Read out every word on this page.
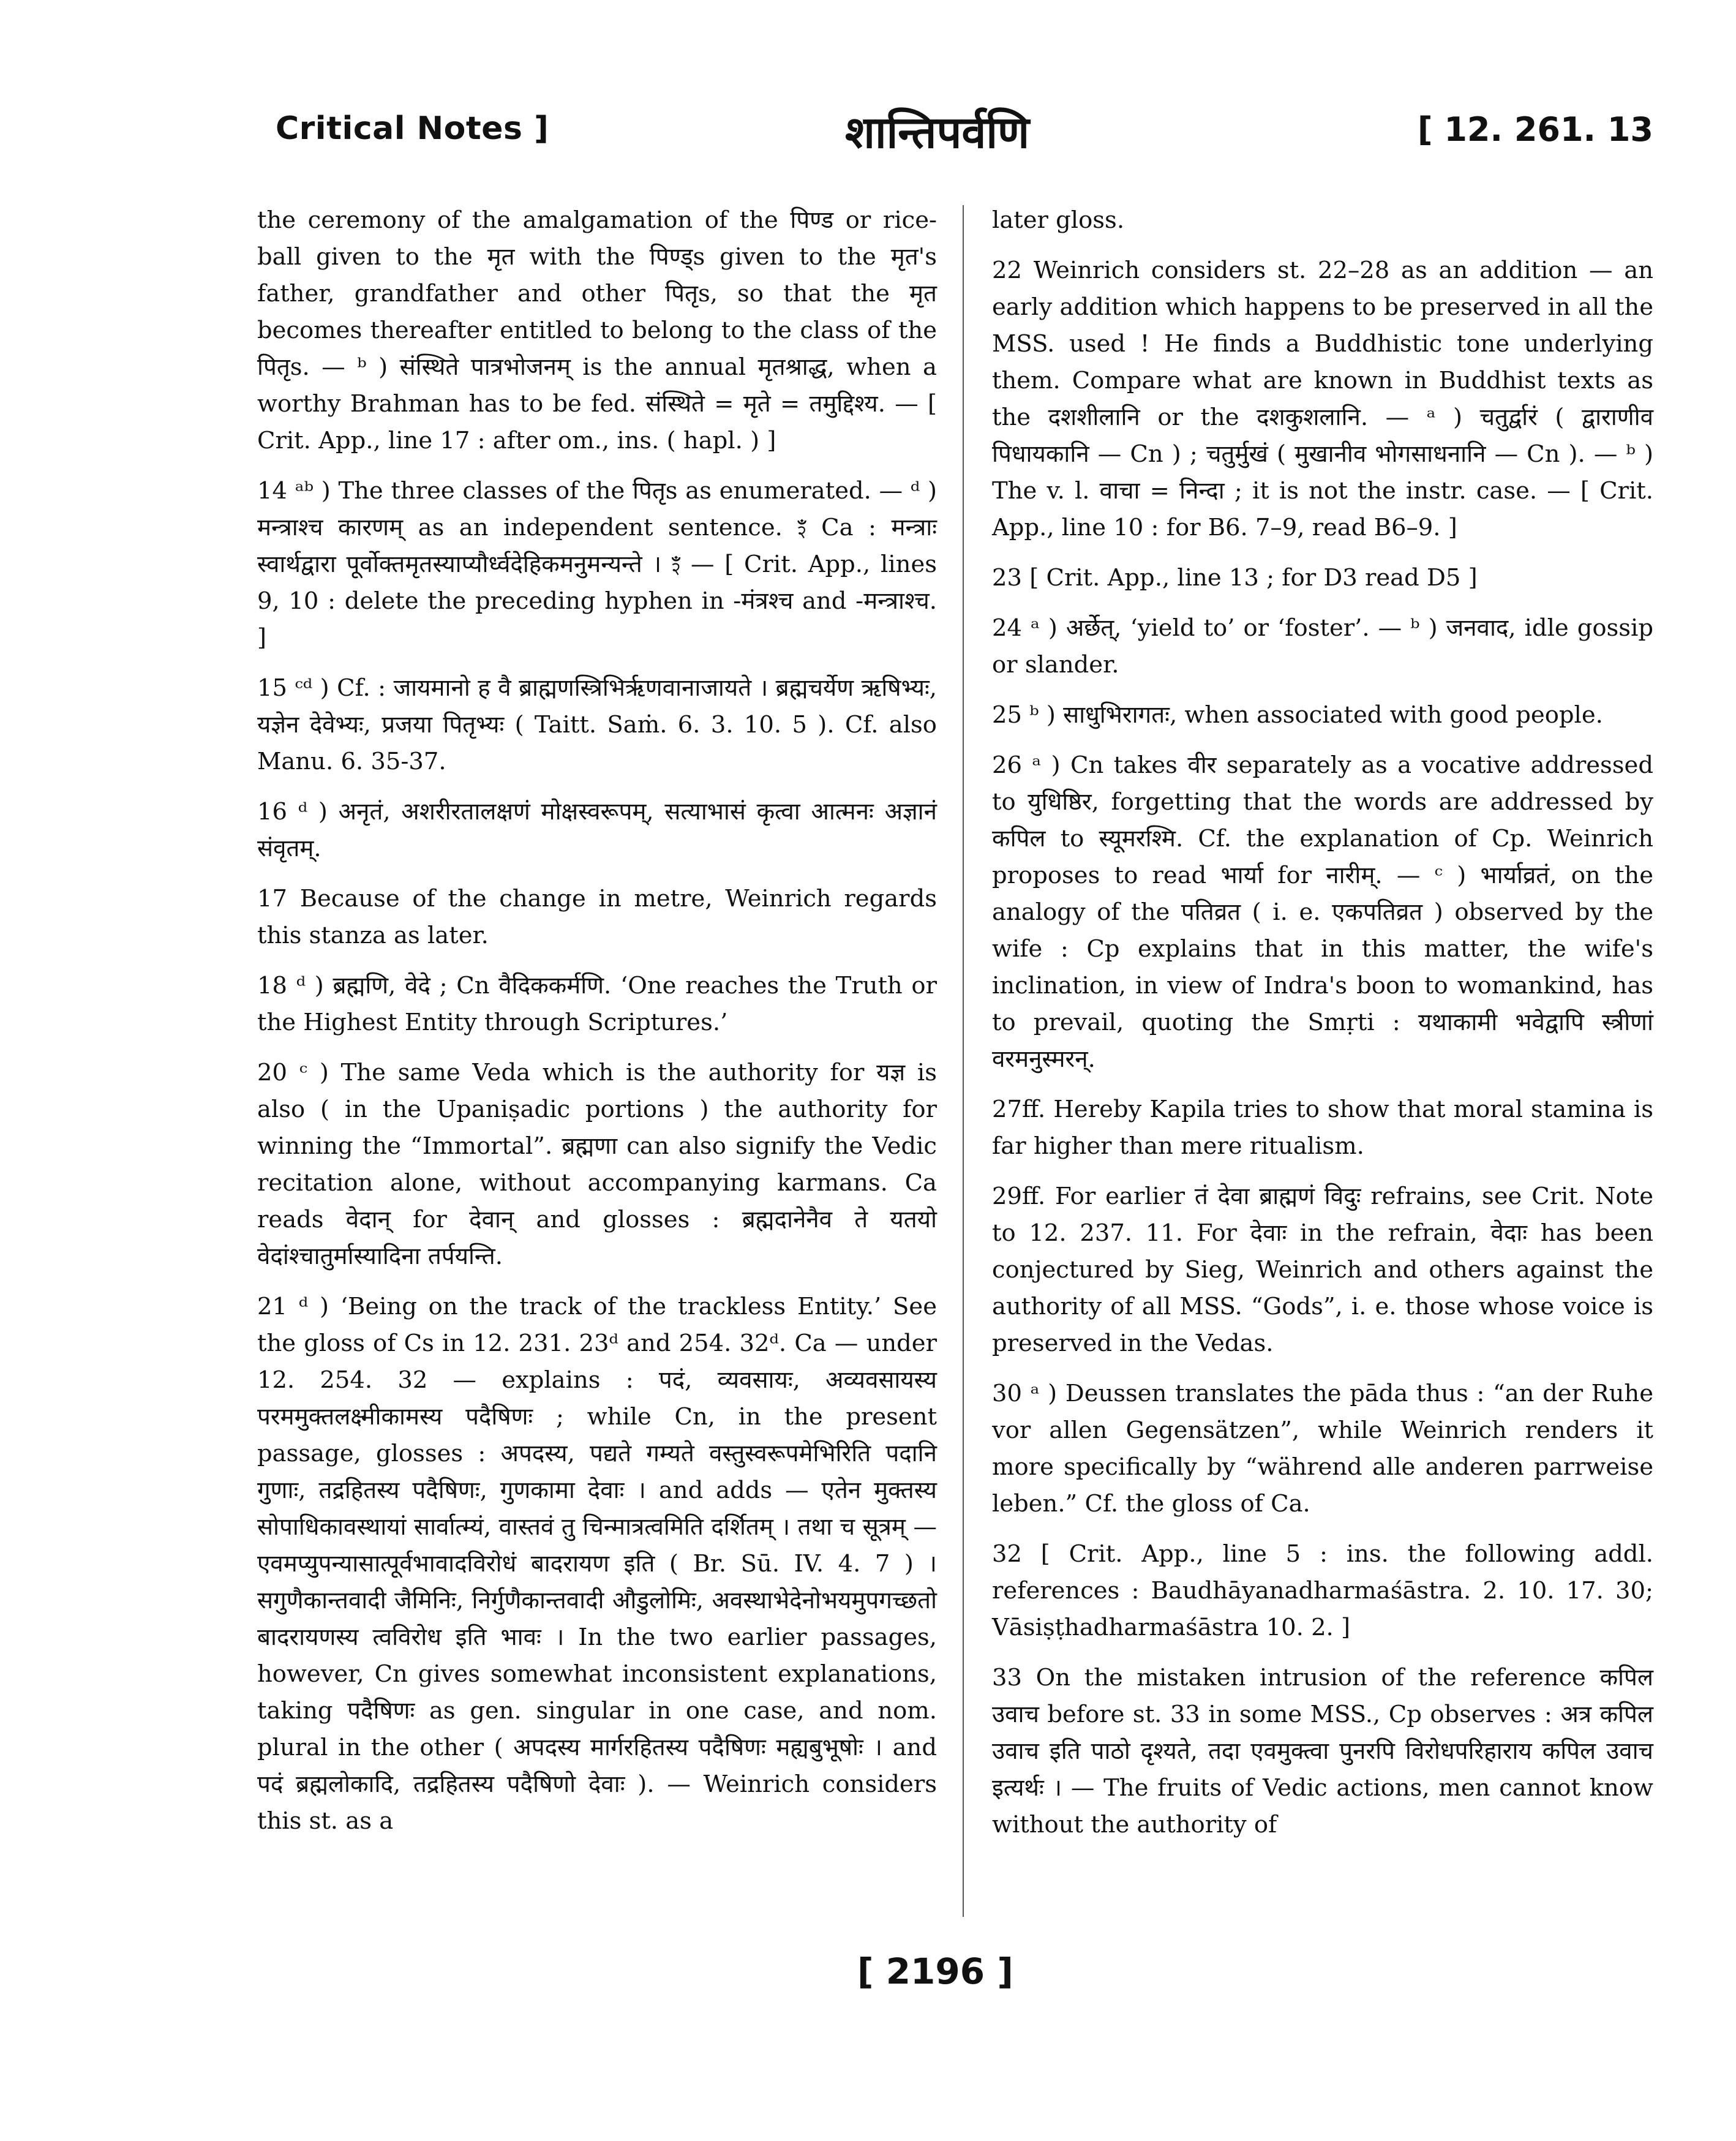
Critical Notes ]	शान्तिपर्वणि	[ 12. 261. 13

the ceremony of the amalgamation of the पिण्ड or rice-ball given to the मृत with the पिण्ड्s given to the मृत's father, grandfather and other पितृs, so that the मृत becomes thereafter entitled to belong to the class of the पितृs. — ᵇ ) संस्थिते पात्रभोजनम् is the annual मृतश्राद्ध, when a worthy Brahman has to be fed. संस्थिते = मृते = तमुद्दिश्य. — [ Crit. App., line 17 : after om., ins. ( hapl. ) ]

14 ᵃᵇ ) The three classes of the पितृs as enumerated. — ᵈ ) मन्त्राश्च कारणम् as an independent sentence. ꣵ Ca : मन्त्राः स्वार्थद्वारा पूर्वोक्तमृतस्याप्यौर्ध्वदेहिकमनुमन्यन्ते । ꣵ — [ Crit. App., lines 9, 10 : delete the preceding hyphen in -मंत्रश्च and -मन्त्राश्च. ]

15 ᶜᵈ ) Cf. : जायमानो ह वै ब्राह्मणस्त्रिभिर्ऋणवानाजायते । ब्रह्मचर्येण ऋषिभ्यः, यज्ञेन देवेभ्यः, प्रजया पितृभ्यः ( Taitt. Saṁ. 6. 3. 10. 5 ). Cf. also Manu. 6. 35-37.

16 ᵈ ) अनृतं, अशरीरतालक्षणं मोक्षस्वरूपम्, सत्याभासं कृत्वा आत्मनः अज्ञानं संवृतम्.

17 Because of the change in metre, Weinrich regards this stanza as later.

18 ᵈ ) ब्रह्मणि, वेदे ; Cn वैदिककर्मणि. ‘One reaches the Truth or the Highest Entity through Scriptures.’

20 ᶜ ) The same Veda which is the authority for यज्ञ is also ( in the Upaniṣadic portions ) the authority for winning the “Immortal”. ब्रह्मणा can also signify the Vedic recitation alone, without accompanying karmans. Ca reads वेदान् for देवान् and glosses : ब्रह्मदानेनैव ते यतयो वेदांश्चातुर्मास्यादिना तर्पयन्ति.

21 ᵈ ) ‘Being on the track of the trackless Entity.’ See the gloss of Cs in 12. 231. 23ᵈ and 254. 32ᵈ. Ca — under 12. 254. 32 — explains : पदं, व्यवसायः, अव्यवसायस्य परममुक्तलक्ष्मीकामस्य पदैषिणः ; while Cn, in the present passage, glosses : अपदस्य, पद्यते गम्यते वस्तुस्वरूपमेभिरिति पदानि गुणाः, तद्रहितस्य पदैषिणः, गुणकामा देवाः । and adds — एतेन मुक्तस्य सोपाधिकावस्थायां सार्वात्म्यं, वास्तवं तु चिन्मात्रत्वमिति दर्शितम् । तथा च सूत्रम् — एवमप्युपन्यासात्पूर्वभावादविरोधं बादरायण इति ( Br. Sū. IV. 4. 7 ) । सगुणैकान्तवादी जैमिनिः, निर्गुणैकान्तवादी औडुलोमिः, अवस्थाभेदेनोभयमुपगच्छतो बादरायणस्य त्वविरोध इति भावः । In the two earlier passages, however, Cn gives somewhat inconsistent explanations, taking पदैषिणः as gen. singular in one case, and nom. plural in the other ( अपदस्य मार्गरहितस्य पदैषिणः मह्यबुभूषोः । and पदं ब्रह्मलोकादि, तद्रहितस्य पदैषिणो देवाः ). — Weinrich considers this st. as a

later gloss.

22 Weinrich considers st. 22–28 as an addition — an early addition which happens to be preserved in all the MSS. used ! He finds a Buddhistic tone underlying them. Compare what are known in Buddhist texts as the दशशीलानि or the दशकुशलानि. — ᵃ ) चतुर्द्वारं ( द्वाराणीव पिधायकानि — Cn ) ; चतुर्मुखं ( मुखानीव भोगसाधनानि — Cn ). — ᵇ ) The v. l. वाचा = निन्दा ; it is not the instr. case. — [ Crit. App., line 10 : for B6. 7–9, read B6–9. ]

23 [ Crit. App., line 13 ; for D3 read D5 ]

24 ᵃ ) अर्छेत्, ‘yield to’ or ‘foster’. — ᵇ ) जनवाद, idle gossip or slander.

25 ᵇ ) साधुभिरागतः, when associated with good people.

26 ᵃ ) Cn takes वीर separately as a vocative addressed to युधिष्ठिर, forgetting that the words are addressed by कपिल to स्यूमरश्मि. Cf. the explanation of Cp. Weinrich proposes to read भार्या for नारीम्. — ᶜ ) भार्याव्रतं, on the analogy of the पतिव्रत ( i. e. एकपतिव्रत ) observed by the wife : Cp explains that in this matter, the wife's inclination, in view of Indra's boon to womankind, has to prevail, quoting the Smṛti : यथाकामी भवेद्वापि स्त्रीणां वरमनुस्मरन्.

27ff. Hereby Kapila tries to show that moral stamina is far higher than mere ritualism.

29ff. For earlier तं देवा ब्राह्मणं विदुः refrains, see Crit. Note to 12. 237. 11. For देवाः in the refrain, वेदाः has been conjectured by Sieg, Weinrich and others against the authority of all MSS. “Gods”, i. e. those whose voice is preserved in the Vedas.

30 ᵃ ) Deussen translates the pāda thus : “an der Ruhe vor allen Gegensätzen”, while Weinrich renders it more specifically by “während alle anderen parrweise leben.” Cf. the gloss of Ca.

32 [ Crit. App., line 5 : ins. the following addl. references : Baudhāyanadharmaśāstra. 2. 10. 17. 30; Vāsiṣṭhadharmaśāstra 10. 2. ]

33 On the mistaken intrusion of the reference कपिल उवाच before st. 33 in some MSS., Cp observes : अत्र कपिल उवाच इति पाठो दृश्यते, तदा एवमुक्त्वा पुनरपि विरोधपरिहाराय कपिल उवाच इत्यर्थः । — The fruits of Vedic actions, men cannot know without the authority of

[ 2196 ]
